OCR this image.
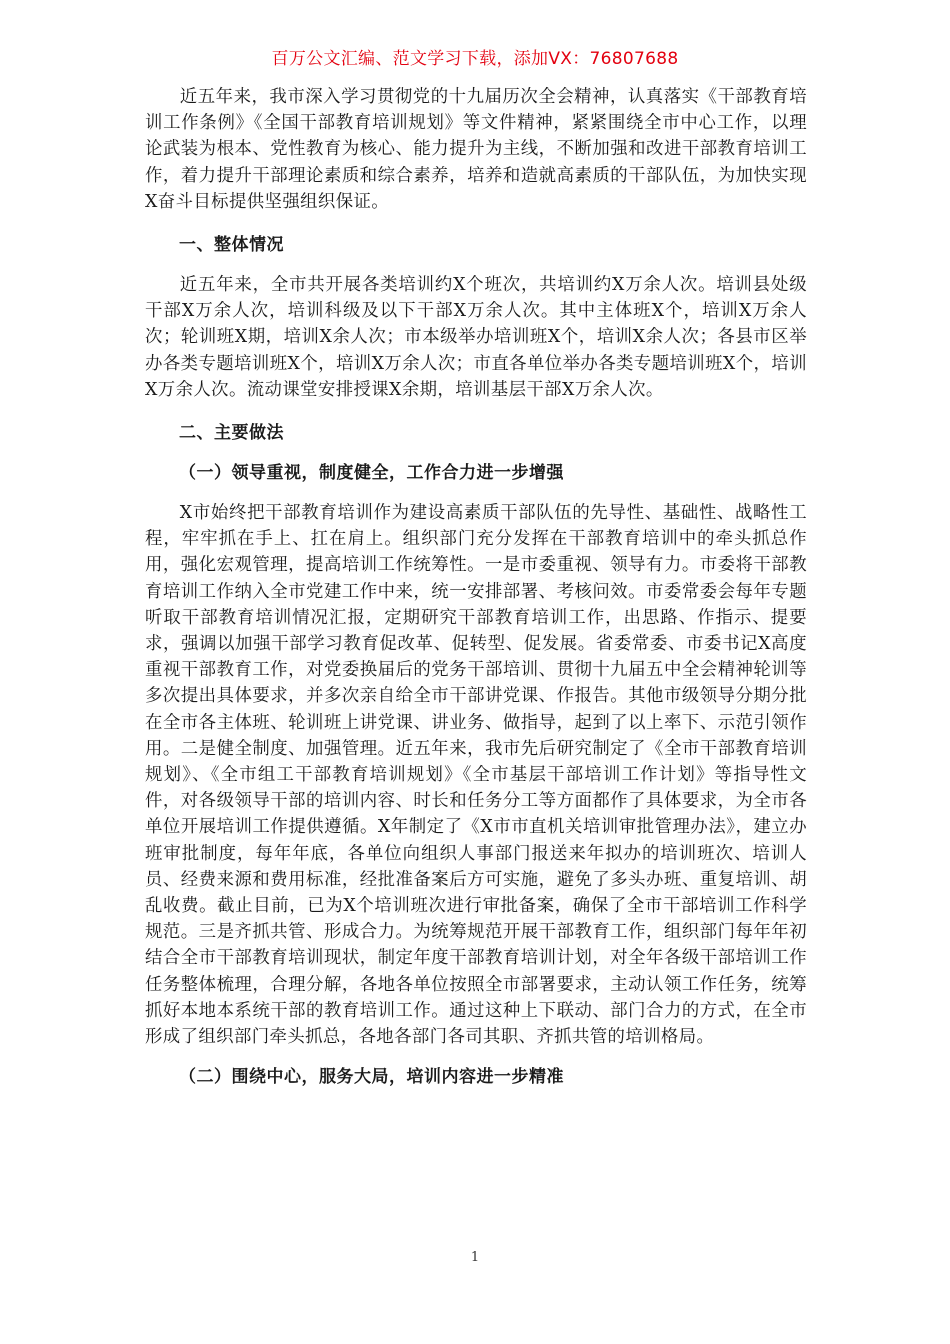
百万公文汇编、范文学习下载，添加VX：76807688

近五年来，我市深入学习贯彻党的十九届历次全会精神，认真落实《干部教育培训工作条例》《全国干部教育培训规划》等文件精神，紧紧围绕全市中心工作，以理论武装为根本、党性教育为核心、能力提升为主线，不断加强和改进干部教育培训工作，着力提升干部理论素质和综合素养，培养和造就高素质的干部队伍，为加快实现X奋斗目标提供坚强组织保证。

一、整体情况

近五年来，全市共开展各类培训约X个班次，共培训约X万余人次。培训县处级干部X万余人次，培训科级及以下干部X万余人次。其中主体班X个，培训X万余人次；轮训班X期，培训X余人次；市本级举办培训班X个，培训X余人次；各县市区举办各类专题培训班X个，培训X万余人次；市直各单位举办各类专题培训班X个，培训X万余人次。流动课堂安排授课X余期，培训基层干部X万余人次。

二、主要做法

（一）领导重视，制度健全，工作合力进一步增强

X市始终把干部教育培训作为建设高素质干部队伍的先导性、基础性、战略性工程，牢牢抓在手上、扛在肩上。组织部门充分发挥在干部教育培训中的牵头抓总作用，强化宏观管理，提高培训工作统筹性。一是市委重视、领导有力。市委将干部教育培训工作纳入全市党建工作中来，统一安排部署、考核问效。市委常委会每年专题听取干部教育培训情况汇报，定期研究干部教育培训工作，出思路、作指示、提要求，强调以加强干部学习教育促改革、促转型、促发展。省委常委、市委书记X高度重视干部教育工作，对党委换届后的党务干部培训、贯彻十九届五中全会精神轮训等多次提出具体要求，并多次亲自给全市干部讲党课、作报告。其他市级领导分期分批在全市各主体班、轮训班上讲党课、讲业务、做指导，起到了以上率下、示范引领作用。二是健全制度、加强管理。近五年来，我市先后研究制定了《全市干部教育培训规划》、《全市组工干部教育培训规划》《全市基层干部培训工作计划》等指导性文件，对各级领导干部的培训内容、时长和任务分工等方面都作了具体要求，为全市各单位开展培训工作提供遵循。X年制定了《X市市直机关培训审批管理办法》，建立办班审批制度，每年年底，各单位向组织人事部门报送来年拟办的培训班次、培训人员、经费来源和费用标准，经批准备案后方可实施，避免了多头办班、重复培训、胡乱收费。截止目前，已为X个培训班次进行审批备案，确保了全市干部培训工作科学规范。三是齐抓共管、形成合力。为统筹规范开展干部教育工作，组织部门每年年初结合全市干部教育培训现状，制定年度干部教育培训计划，对全年各级干部培训工作任务整体梳理，合理分解，各地各单位按照全市部署要求，主动认领工作任务，统筹抓好本地本系统干部的教育培训工作。通过这种上下联动、部门合力的方式，在全市形成了组织部门牵头抓总，各地各部门各司其职、齐抓共管的培训格局。

（二）围绕中心，服务大局，培训内容进一步精准

1
